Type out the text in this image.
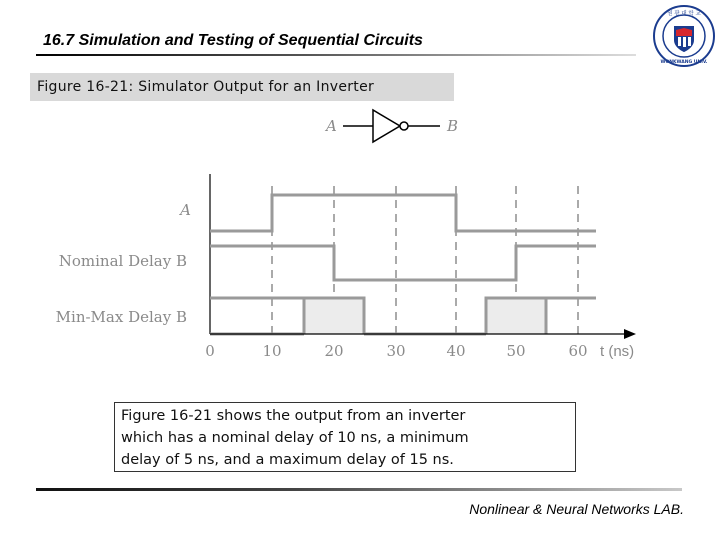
16.7 Simulation and Testing of Sequential Circuits
원 광 대 학 교
WONKWANG UNIV.
Figure 16-21: Simulator Output for an Inverter
A	B
A
Nominal Delay B
Min-Max Delay B
0	10	20	30	40	50	60 t (ns)
Figure 16-21 shows the output from an inverter
which has a nominal delay of 10 ns, a minimum
delay of 5 ns, and a maximum delay of 15 ns.
Nonlinear & Neural Networks LAB.
